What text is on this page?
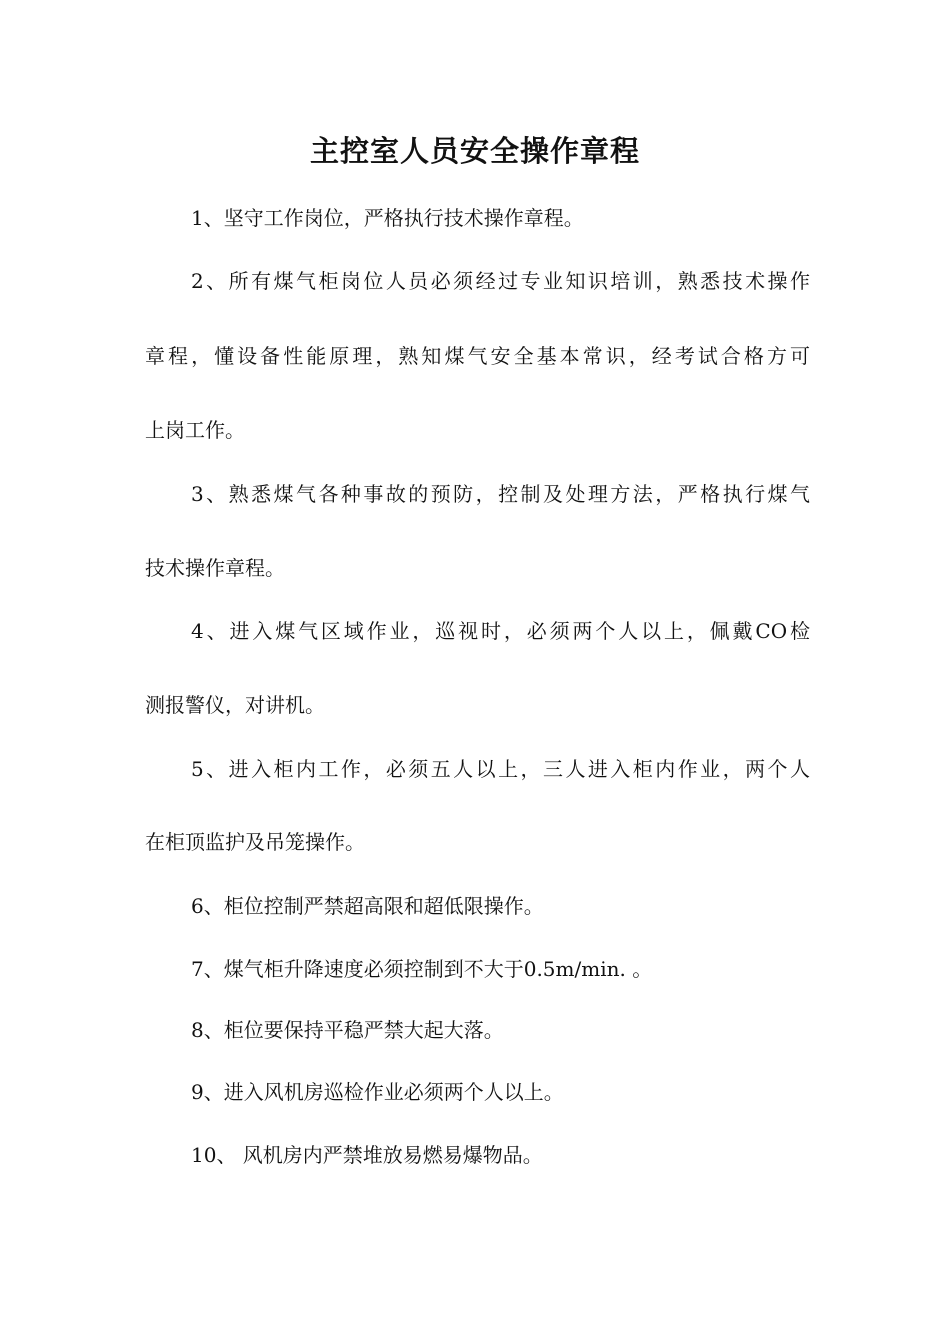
主控室人员安全操作章程

1、坚守工作岗位，严格执行技术操作章程。

2、所有煤气柜岗位人员必须经过专业知识培训，熟悉技术操作

章程，懂设备性能原理，熟知煤气安全基本常识，经考试合格方可

上岗工作。

3、熟悉煤气各种事故的预防，控制及处理方法，严格执行煤气

技术操作章程。

4、进入煤气区域作业，巡视时，必须两个人以上，佩戴CO检

测报警仪，对讲机。

5、进入柜内工作，必须五人以上，三人进入柜内作业，两个人

在柜顶监护及吊笼操作。

6、柜位控制严禁超高限和超低限操作。

7、煤气柜升降速度必须控制到不大于0.5m/min. 。

8、柜位要保持平稳严禁大起大落。

9、进入风机房巡检作业必须两个人以上。

10、 风机房内严禁堆放易燃易爆物品。
